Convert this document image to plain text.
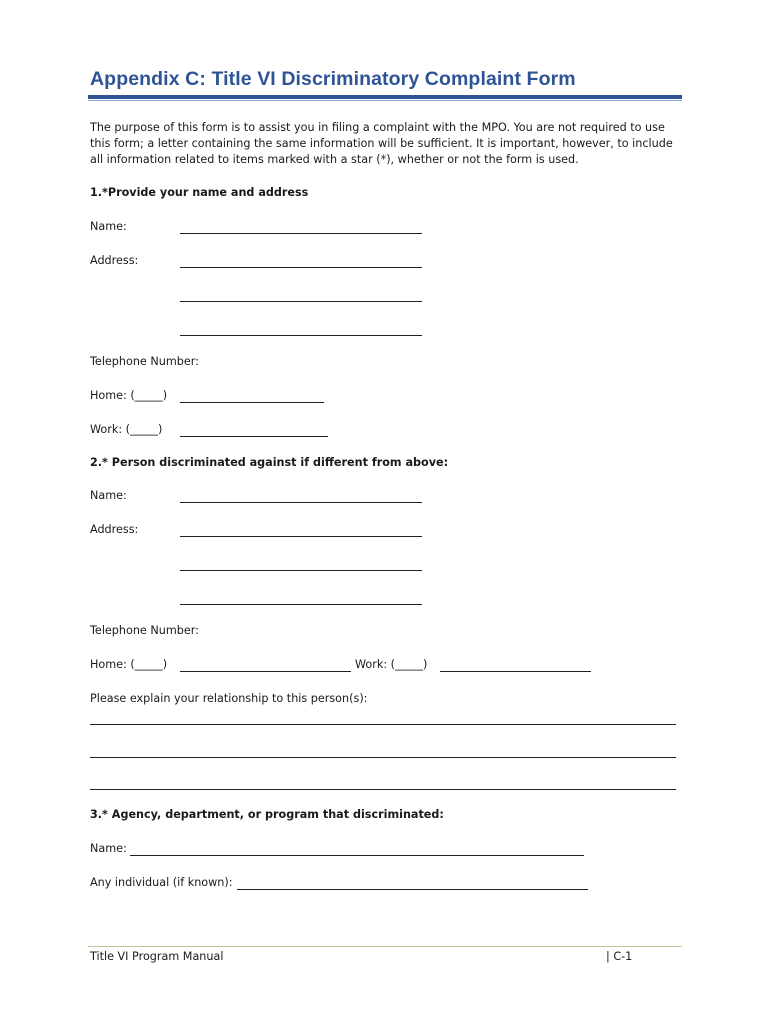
Appendix C: Title VI Discriminatory Complaint Form
The purpose of this form is to assist you in filing a complaint with the MPO. You are not required to use this form; a letter containing the same information will be sufficient. It is important, however, to include all information related to items marked with a star (*), whether or not the form is used.
1.*Provide your name and address
Name:
Address:
Telephone Number:
Home: (_____)
Work: (_____)
2.* Person discriminated against if different from above:
Name:
Address:
Telephone Number:
Home: (_____)	Work: (_____)
Please explain your relationship to this person(s):
3.* Agency, department, or program that discriminated:
Name:
Any individual (if known):
Title VI Program Manual	| C-1
